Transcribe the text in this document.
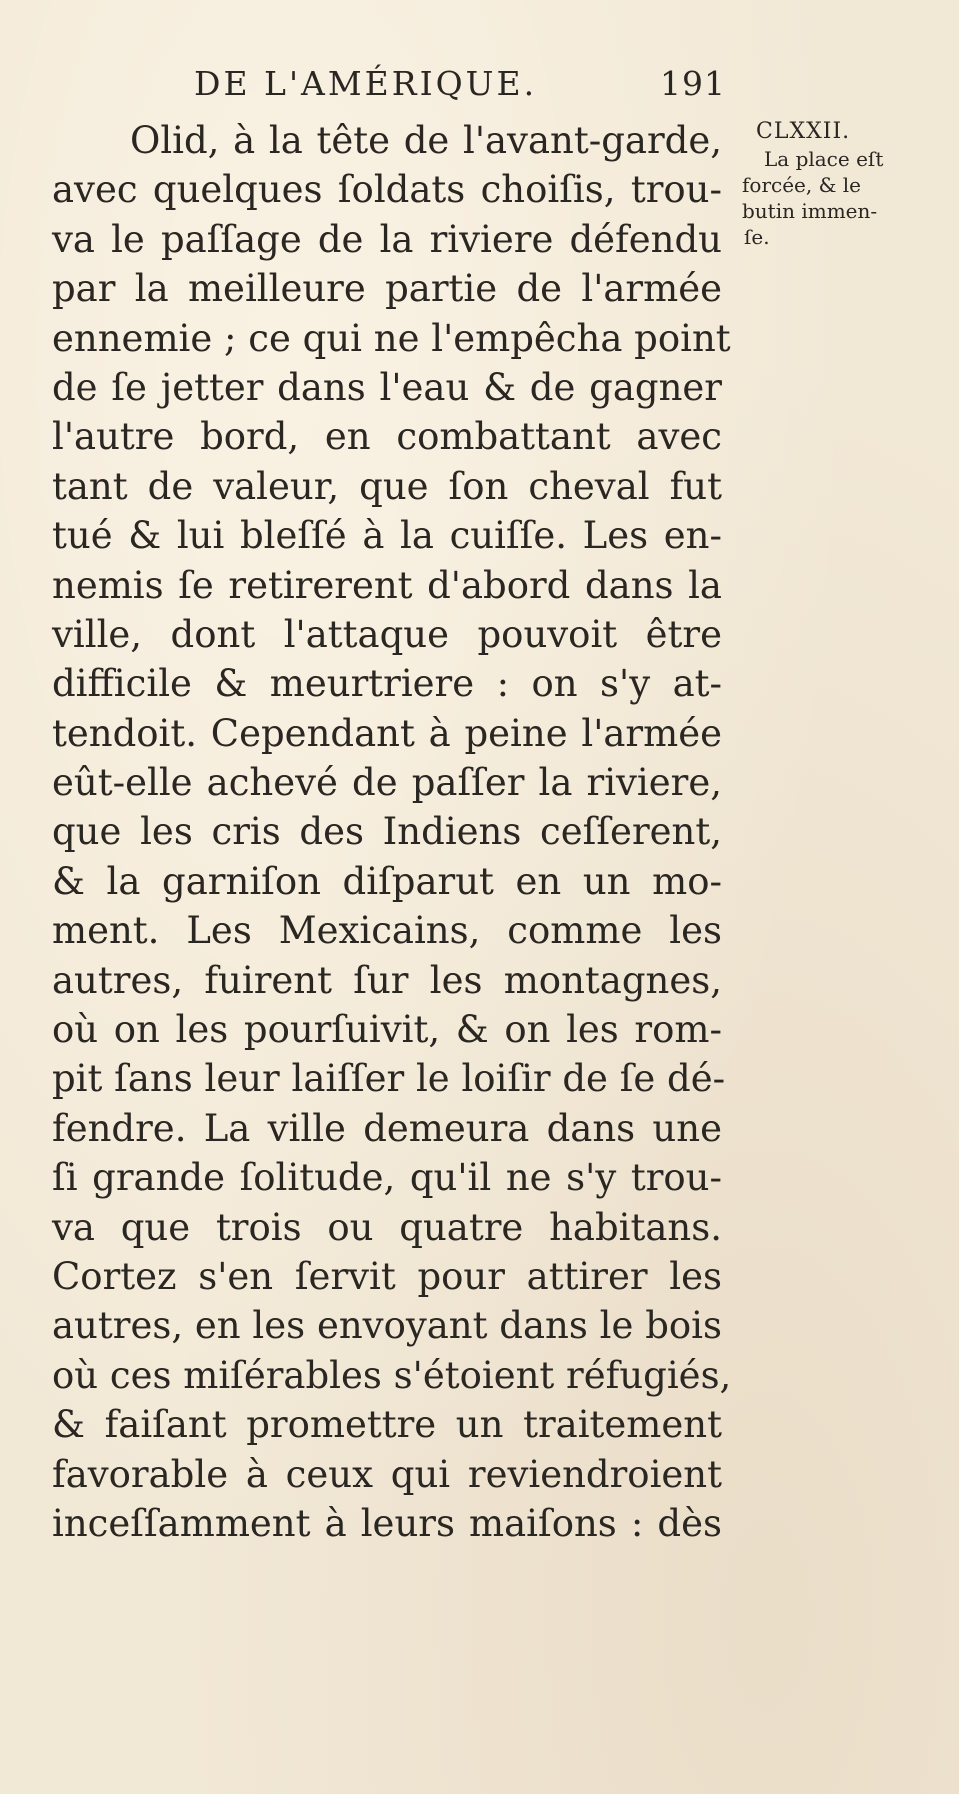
DE L'AMÉRIQUE.	191
CLXXII.
La place eſt
forcée, & le
butin immen-
ſe.
Olid, à la tête de l'avant-garde,
avec quelques ſoldats choiſis, trou-
va le paſſage de la riviere défendu
par la meilleure partie de l'armée
ennemie ; ce qui ne l'empêcha point
de ſe jetter dans l'eau & de gagner
l'autre bord, en combattant avec
tant de valeur, que ſon cheval fut
tué & lui bleſſé à la cuiſſe. Les en-
nemis ſe retirerent d'abord dans la
ville, dont l'attaque pouvoit être
difficile & meurtriere : on s'y at-
tendoit. Cependant à peine l'armée
eût-elle achevé de paſſer la riviere,
que les cris des Indiens ceſſerent,
& la garniſon diſparut en un mo-
ment. Les Mexicains, comme les
autres, fuirent ſur les montagnes,
où on les pourſuivit, & on les rom-
pit ſans leur laiſſer le loiſir de ſe dé-
fendre. La ville demeura dans une
ſi grande ſolitude, qu'il ne s'y trou-
va que trois ou quatre habitans.
Cortez s'en ſervit pour attirer les
autres, en les envoyant dans le bois
où ces miſérables s'étoient réfugiés,
& faiſant promettre un traitement
favorable à ceux qui reviendroient
inceſſamment à leurs maiſons : dès
